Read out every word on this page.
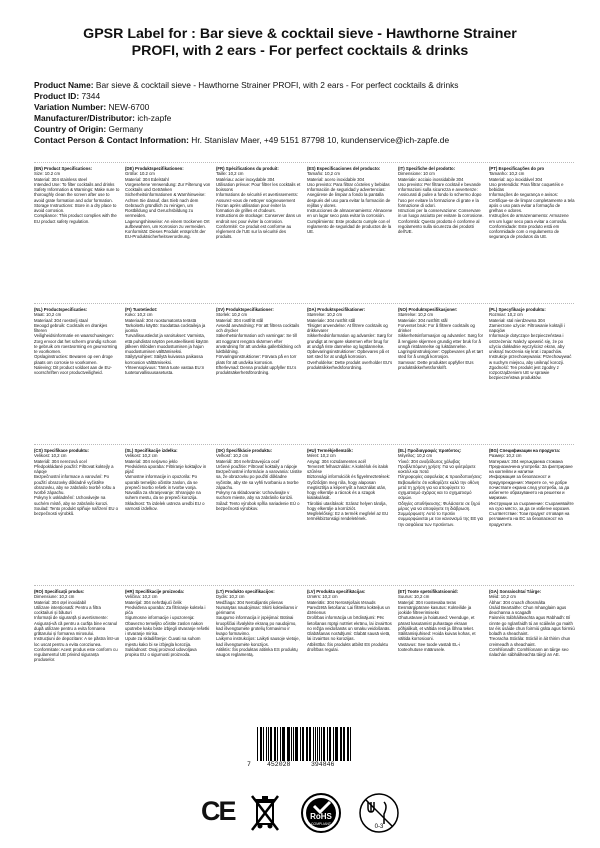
GPSR Label for : Bar sieve & cocktail sieve - Hawthorne Strainer
PROFI, with 2 ears - For perfect cocktails & drinks
Product Name: Bar sieve & cocktail sieve - Hawthorne Strainer PROFI, with 2 ears - For perfect cocktails & drinks
Product ID: 7344
Variation Number: NEW-6700
Manufacturer/Distributor: ich-zapfe
Country of Origin: Germany
Contact Person & Contact Information: Hr. Stanislav Maer, +49 5151 87798 10, kundenservice@ich-zapfe.de
(EN) Product Specifications:
Size: 10.2 cm
Material: 304 stainless steel
Intended Use: To filter cocktails and drinks
Safety Information & Warnings: Make sure to thoroughly clean the screen after use to avoid grate formation and odor formation.
Storage Instructions: Store in a dry place to avoid corrosion.
Compliance: This product complies with the EU product safety regulation.
(DE) Produktspezifikationen:
Größe: 10.2 cm
Material: 304 Edelstahl
Vorgesehene Verwendung: Zur Filterung von Cocktails und Getränken
Sicherheitsinformationen & Warnhinweise: Achten Sie darauf, das Sieb nach dem Gebrauch gründlich zu reinigen, um Rostbildung und Geruchsbildung zu vermeiden.
Lagerungshinweise: An einem trockenen Ort aufbewahren, um Korrosion zu vermeiden.
Konformität: Dieses Produkt entspricht der EU-Produktsicherheitsverordnung.
(FR) Spécifications du produit:
Taille: 10,2 cm
Matériau: acier inoxydable 304
Utilisation prévue: Pour filtrer les cocktails et boissons
Informations de sécurité et avertissements: Assurez-vous de nettoyer soigneusement l'écran après utilisation pour éviter la formation de grilles et d'odeurs.
Instructions de stockage: Conserver dans un endroit sec pour éviter la corrosion.
Conformité: Ce produit est conforme au règlement de l'UE sur la sécurité des produits.
(ES) Especificaciones del producto:
Tamaño: 10,2 cm
Material: acero inoxidable 304
Uso previsto: Para filtrar cócteles y bebidas
Información de seguridad y advertencias: Asegúrese de limpiar a fondo la pantalla después del uso para evitar la formación de rejillas y olores.
Instrucciones de almacenamiento: Almacene en un lugar seco para evitar la corrosión.
Cumplimiento: Este producto cumple con el reglamento de seguridad de productos de la UE.
(IT) Specifiche del prodotto:
Dimensione: 10 cm
Materiale: acciaio inossidabile 304
Uso previsto: Per filtrare cocktail e bevande
Informazioni sulla sicurezza e avvertenze: Assicurati di pulire a fondo lo schermo dopo l'uso per evitare la formazione di grate e la formazione di odori.
Istruzioni per la conservazione: Conservare in un luogo asciutto per evitare la corrosione.
Conformità: Questo prodotto è conforme al regolamento sulla sicurezza dei prodotti dell'UE.
(PT) Especificações do pro
Tamanho: 10,2 cm
Material: aço inoxidável 304
Uso pretendido: Para filtrar coquetéis e bebidas
Informações de segurança e avisos: Certifique-se de limpar completamente a tela após o uso para evitar a formação de grelhas e odores.
Instruções de armazenamento: Armazene em um lugar seco para evitar a corrosão.
Conformidade: Este produto está em conformidade com o regulamento de segurança de produtos da UE.
(NL) Productspecificaties:
Maat: 10,2 cm
Materiaal: 304 roestvrij staal
Beoogd gebruik: Cocktails en drankjes filteren
Veiligheidsinformatie en waarschuwingen: Zorg ervoor dat het scherm grondig schoon te gebruik om roestvorming en geurvorming te voorkomen.
Opslaginstructies: Bewaren op een droge plaats om corrosie te voorkomen.
Naleving: Dit product voldoet aan de EU-voorschriften voor productveiligheid.
(FI) Tuotetiedot:
Koko: 10,2 cm
Materiaali: 304 ruostumatonta terästä
Tarkoitettu käyttö: Suodattaa cocktaileja ja juomia
Turvallisuustiedot ja varoitukset: Varmista, että puhdistat näytön perusteellisesti käytön jälkeen ritilöiden muodostumisen ja hajun muodostumisen välttämiseksi.
Säilytysohjeet: Säilytä kuivassa paikassa korroosion välttämiseksi.
Yhteensopivuus: Tämä tuote vastaa EU:n tuoteturvallisuusasetusta.
(SV) Produktspecifikationer:
Storlek: 10,2 cm
Material: 304 rostfritt stål
Avsedd användning: För att filtrera cocktails och drycker
Säkerhetsinformation och varningar: Se till att noggrant rengöra skärmen efter användning för att undvika gallerbildning och luktbildning.
Förvaringsinstruktioner: Förvara på en torr plats för att undvika korrosion.
Efterlevnad: Denna produkt uppfyller EU:s produktsäkerhetsförordning.
(DA) Produktspecifikationer:
Størrelse: 10,2 cm
Materiale: 304 rustfrit stål
Tilsigtet anvendelse: At filtrere cocktails og drikkevarer
Sikkerhedsinformation og advarsler: Sørg for grundigt at rengøre skærmen efter brug for at undgå riste dannelse og lugtdannelse.
Opbevaringsinstruktioner: Opbevares på et tørt sted for at undgå korrosion.
Overholdelse: Dette produkt overholder EU's produktsikkerhedsforordning.
(NO) Produktspesifikasjoner:
Størrelse: 10,2 cm
Materiale: 304 rustfritt stål
Forventet bruk: For å filtrere cocktails og drinker
Sikkerhetsinformasjon og advarsler: Sørg for å rengjøre skjermen grundig etter bruk for å unngå ristdannelse og luktdannelse.
Lagringsinstruksjoner: Oppbevares på et tørt sted for å unngå korrosjon.
Samsvar: Dette produktet oppfyller EUs produktsikkerhetsforskrift.
(PL) Specyfikacje produktu:
Rozmiar: 10,2 cm
Materiał: stal nierdzewna 304
Zamierzone użycie: Filtrowanie koktajli i napojów
Informacje dotyczące bezpieczeństwa i ostrzeżenia: Należy upewnić się, że po użyciu dokładnie wyczyścisz ekran, aby uniknąć tworzenia się krat i zapachów.
Instrukcje przechowywania: Przechowywać w suchym miejscu, aby uniknąć korozji.
Zgodność: Ten produkt jest zgodny z rozporządzeniem UE w sprawie bezpieczeństwa produktów.
(CS) Specifikace produktu:
Velikost: 10,2 cm
Materiál: 304 nerezová ocel
Předpokládané použití: Filtrovat koktejly a nápoje
Bezpečnostní informace a varování: Po použití obrazovky důkladně vyčistěte obrazovku, aby se zabránilo tvorbě roštu a tvorbě zápachu.
Pokyny k uskladnění: Uchovávejte na suchém místě, aby se zabránilo korozi.
Soulad: Tento produkt splňuje nařízení EU o bezpečnosti výrobků.
(SL) Specifikacije izdelka:
Velikost: 10,2 cm
Material: 304 nerjavno jeklo
Predvidena uporaba: Filtriranje koktajlov in pijač
Varnostne informacije in opozorila: Po uporabi temeljito očistite zaslon, da se prepreči tvorbo rešetk in tvorbe vonja.
Navodila za shranjevanje: Shranjujte na suhem mestu, da se prepreči korozija.
Skladnost: Ta izdelek ustreza uredbi EU o varnosti izdelkov.
(SK) Špecifikácie produktu:
Veľkosť: 10,2 cm
Materiál: 304 nehrdzavejúca oceľ
Určené použitie: Filtrovať koktaily a nápoje
Bezpečnostné informácie a varovania: Uistite sa, že obrazovku po použití dôkladne vyčistite, aby ste sa vyhli tvorbaniu a tvorbe zápachu.
Pokyny na skladovanie: Uchovávajte v suchom mieste, aby sa zabránilo korózii.
Súlad: Tento výrobok spĺňa nariadenie EÚ o bezpečnosti výrobkov.
(HU) Termékjellemzők:
Méret: 10,2 cm
Anyag: 304 rozsdamentes acél
Tervezett felhasználás: A koktélok és italok szűrése
Biztonsági információk és figyelmeztetések: Győződjön meg róla, hogy alaposan megtisztítja a képernyőt a használat után, hogy elkerülje a rácsok és a szagok kialakulását.
Tárolási utasítások: Száraz helyen tárolja, hogy elkerülje a korróziót.
Megfelelőség: Ez a termék megfelel az EU termékbiztonsági rendeletének.
(EL) Προδιαγραφές προϊόντος:
Μέγεθος: 10,2 cm
Υλικό: 304 ανοξείδωτος χάλυβας
Προβλεπόμενη χρήση: Για να φιλτράρετε κοκτέιλ και ποτά
Πληροφορίες ασφαλείας & προειδοποιήσεις: Βεβαιωθείτε ότι καθαρίζετε καλά την οθόνη μετά τη χρήση για να αποφύγετε το σχηματισμό σχάρας και το σχηματισμό οσμών.
Οδηγίες αποθήκευσης: Φυλάσσετε σε ξηρό μέρος για να αποφύγετε τη διάβρωση.
Συμμόρφωση: Αυτό το προϊόν συμμορφώνεται με τον κανονισμό της ΕΕ για την ασφάλεια των προϊόντων.
(BG) Спецификации на продукта:
Размер: 10,2 cm
Материал: 304 неръждаема стомана
Предназначена употреба: За филтриране на коктейли и напитки
Информация за безопасност и предупреждения: Уверете се, че добре почиствате екрана след употреба, за да избегнете образуването на решетки и миризми.
Инструкции за съхранение: Съхранявайте на сухо място, за да се избегне корозия.
Съответствие: Този продукт отговаря на регламента на ЕС за безопасност на продуктите.
(RO) Specificații produs:
Dimensiune: 10,2 cm
Material: 304 oțel inoxidabil
Utilizare intenționată: Pentru a filtra cocktailuri și băuturi
Informații de siguranță și avertismente: Asigurați-vă că pentru a curăța bine ecranul după utilizare pentru a evita formarea grătarului și formarea mirosului.
Instrucțiuni de depozitare: A se păstra într-un loc uscat pentru a evita coroziunea.
Conformitate: Acest produs este conform cu regulamentul UE privind siguranța produselor.
(HR) Specifikacije proizvoda:
Veličina: 10,2 cm
Materijal: 304 nehrđajući čelik
Predviđena uporaba: Za filtriranje koktela i pića
Sigurnosne informacije i upozorenja: Obavezno temeljito očistite zaslon nakon upotrebe kako biste izbjegli stvaranje rešetki i stvaranje mirisa.
Upute za skladištenje: Čuvati na suhom mjestu kako bi se izbjegla korozija.
Sukladnost: Ovaj proizvod udovoljava propisu EU o sigurnosti proizvoda.
(LT) Produkto specifikacijos:
Dydis: 10,2 cm
Medžiaga: 304 Nerūdijantis plienas
Numatytas naudojimas: Skirti kokteiliams ir gėrimams
Saugumo informacija ir įspėjimai: Būtinai kruopščiai išvalykite ekraną po naudojimo, kad išvengtumėte grotelių formavimo ir kvapo formavimo.
Laikymo instrukcijos: Laikyti sausoje vietoje, kad išvengtumėte korozijos.
Atitiktis: Šis produktas atitinka ES produktų saugos reglamentą.
(LV) Produkta specifikācijas:
Izmērs: 10,2 cm
Materiāls: 304 Nerūsējošais tērauds
Paredzētā lietošana: Lai filtrētu kokteiļus un dzērienus
Drošības informācija un brīdinājumi: Pēc lietošanas rūpīgi notīriet ekrānu, lai izvairītos no režģa veidošanās un smaku veidošanās.
Glabāšanas norādījumi: Glabāt sausā vietā, lai izvairītos no korozijas.
Atbilstība: Šis produkts atbilst ES produktu drošības regulai.
(ET) Toote spetsifikatsioonid:
Suurus: 10,2 cm
Materjal: 304 roostevaba teras
Eesmärgipärane kasutus: Kokteilide ja jookide filtreerimiseks
Ohutusteave ja hoiatused: Veenduge, et pärast kasutamist puhastage ekraan põhjalikult, et vältida resti ja lõhna teket.
Säilitamisjuhised: Hoida kuivas kohas, et vältida korrosiooni.
Vastavus: See toode vastab EL-i tooteohutuse määrusele.
(GA) Sonraíochtaí Táirge:
Méid: 10,2 cm
Ábhar: 304 cruach dhosmálta
Úsáid Beartaithe: Chun mhanglaim agus deochanna a scagadh
Faisnéis Sábháilteachta agus Rabhadh: Bí cinnte go nglanfaidh tú an scáileán go maith tar éis úsáide chun foirmiú gráta agus foirmiú boladh a sheachaint.
Treoracha Stórála: Stóráil in áit thirim chun creimeadh a sheachaint.
Comhlíonadh: Comhlíonann an táirge seo rialachán sábháilteachta táirgí an AE.
7 452028	394846
CE	RoHS
COMPLIANT	0-3
